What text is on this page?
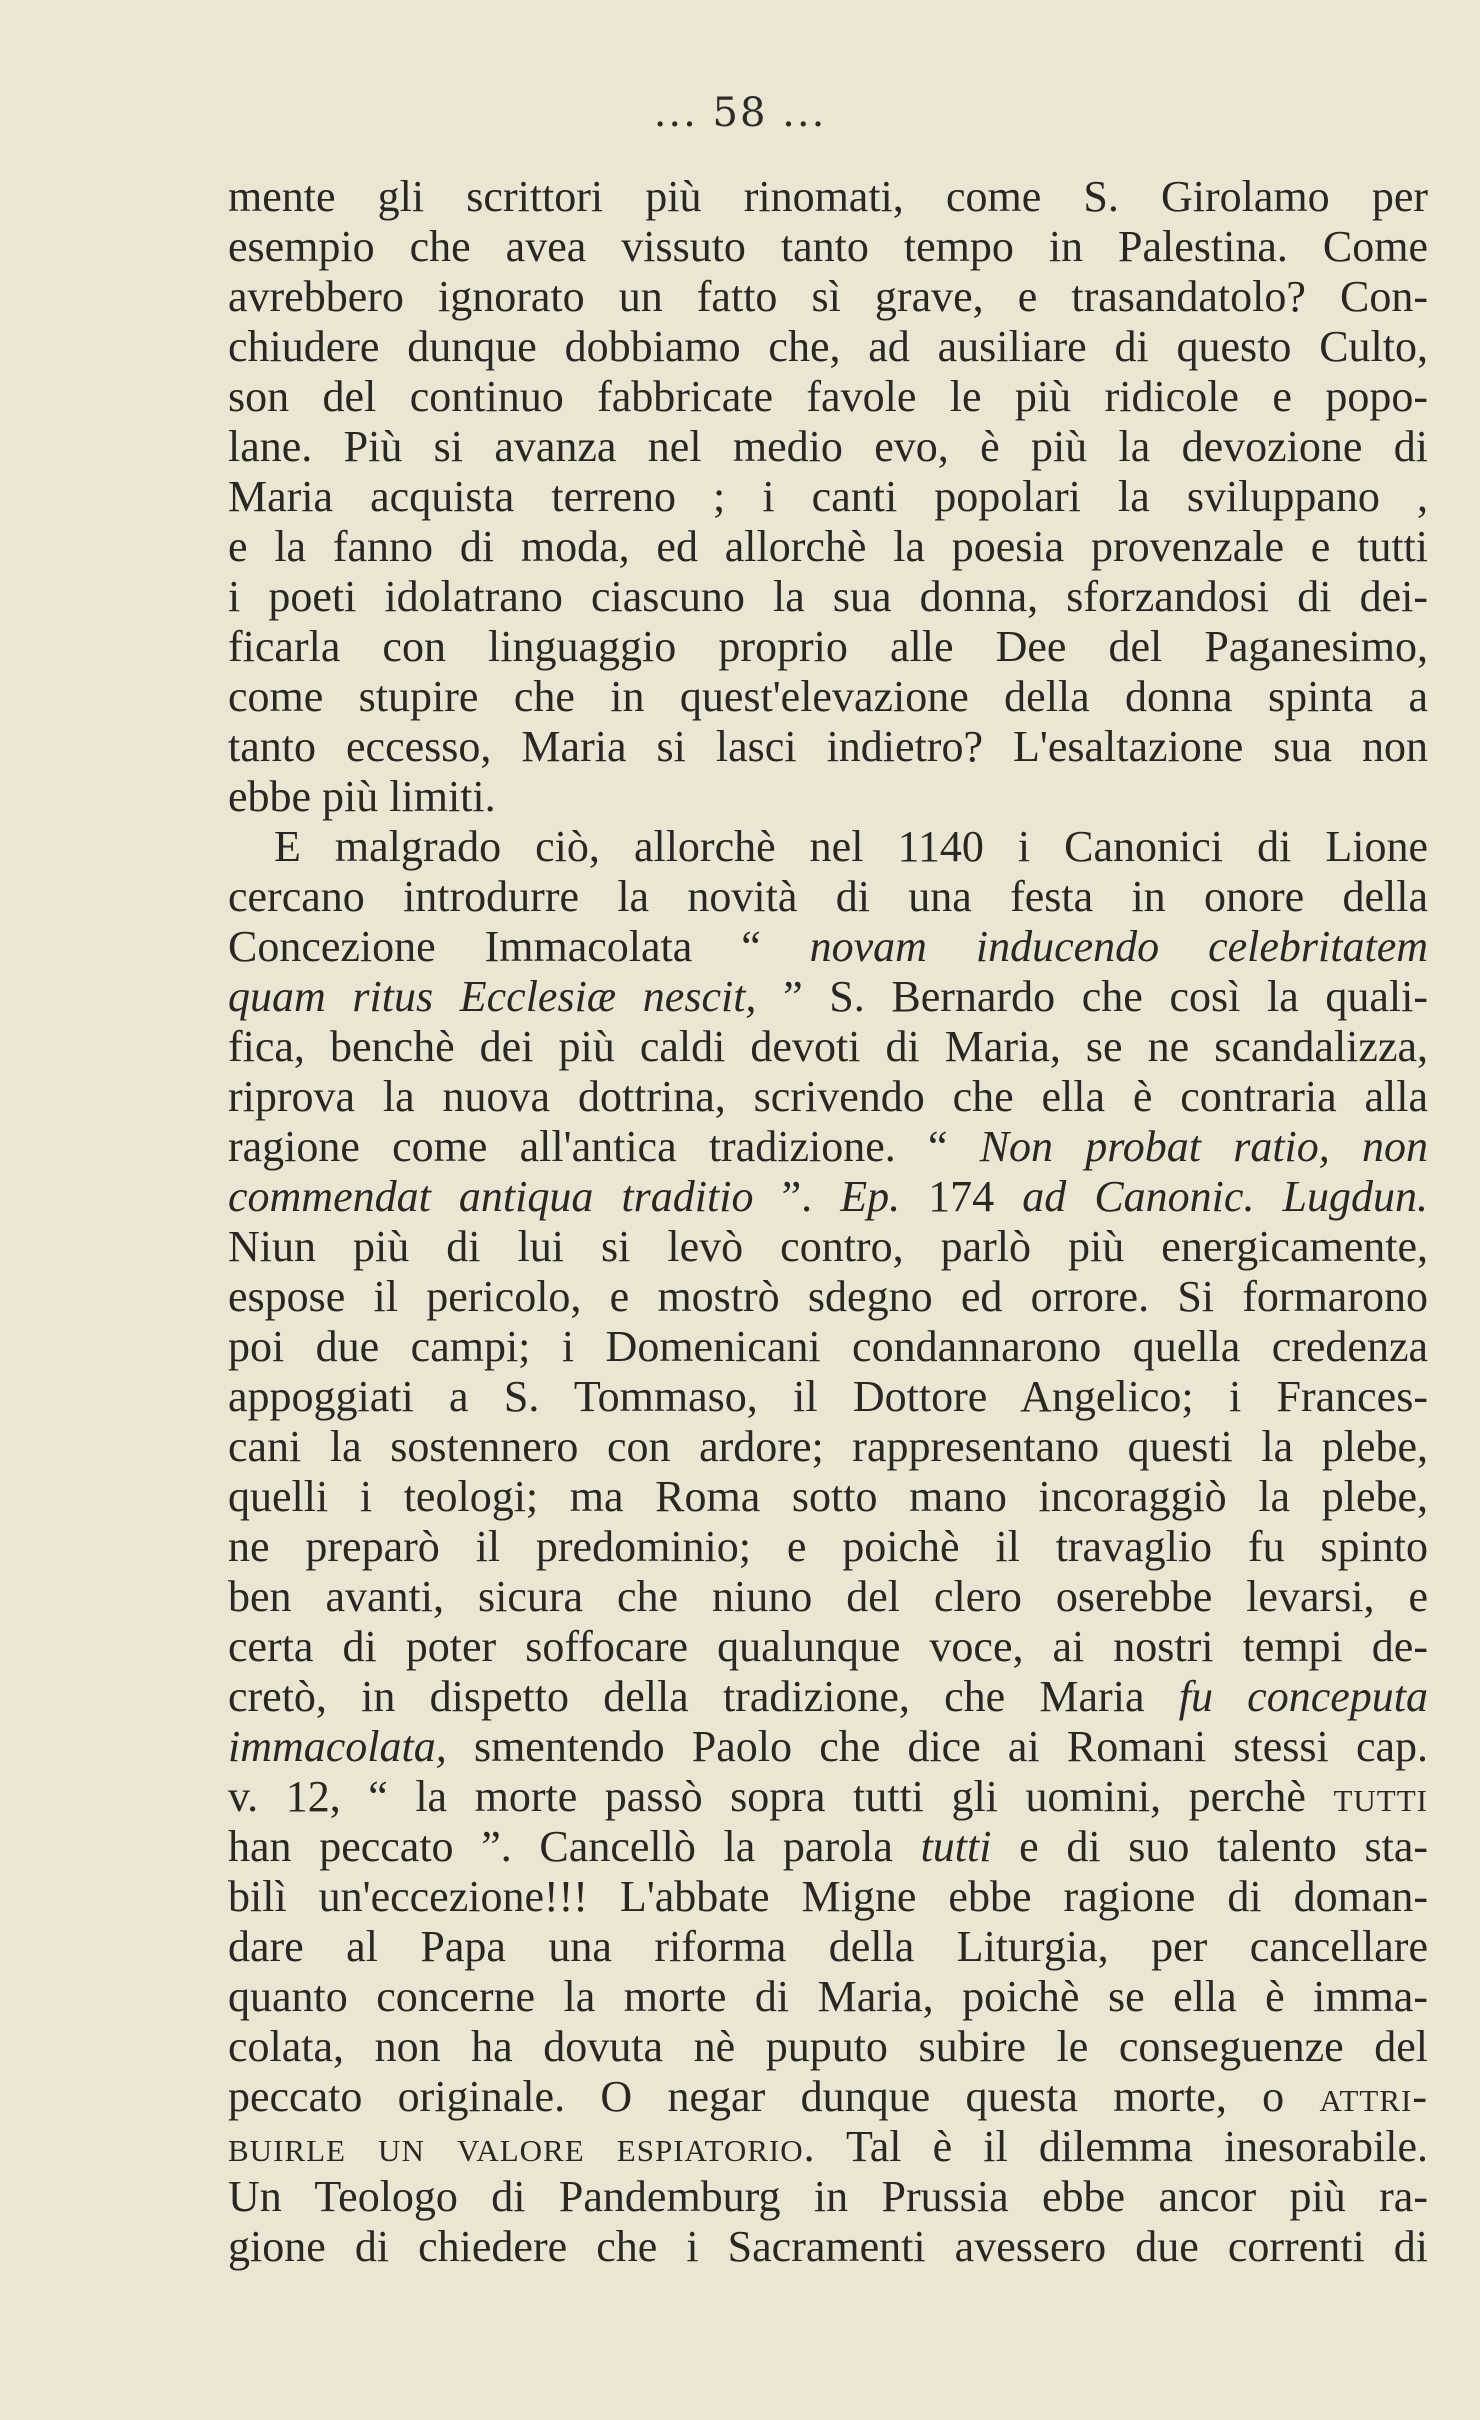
... 58 ...
mente gli scrittori più rinomati, come S. Girolamo per
esempio che avea vissuto tanto tempo in Palestina. Come
avrebbero ignorato un fatto sì grave, e trasandatolo? Con-
chiudere dunque dobbiamo che, ad ausiliare di questo Culto,
son del continuo fabbricate favole le più ridicole e popo-
lane. Più si avanza nel medio evo, è più la devozione di
Maria acquista terreno ; i canti popolari la sviluppano ,
e la fanno di moda, ed allorchè la poesia provenzale e tutti
i poeti idolatrano ciascuno la sua donna, sforzandosi di dei-
ficarla con linguaggio proprio alle Dee del Paganesimo,
come stupire che in quest'elevazione della donna spinta a
tanto eccesso, Maria si lasci indietro? L'esaltazione sua non
ebbe più limiti.
E malgrado ciò, allorchè nel 1140 i Canonici di Lione
cercano introdurre la novità di una festa in onore della
Concezione Immacolata “ novam inducendo celebritatem
quam ritus Ecclesiæ nescit, ” S. Bernardo che così la quali-
fica, benchè dei più caldi devoti di Maria, se ne scandalizza,
riprova la nuova dottrina, scrivendo che ella è contraria alla
ragione come all'antica tradizione. “ Non probat ratio, non
commendat antiqua traditio ”. Ep. 174 ad Canonic. Lugdun.
Niun più di lui si levò contro, parlò più energicamente,
espose il pericolo, e mostrò sdegno ed orrore. Si formarono
poi due campi; i Domenicani condannarono quella credenza
appoggiati a S. Tommaso, il Dottore Angelico; i Frances-
cani la sostennero con ardore; rappresentano questi la plebe,
quelli i teologi; ma Roma sotto mano incoraggiò la plebe,
ne preparò il predominio; e poichè il travaglio fu spinto
ben avanti, sicura che niuno del clero oserebbe levarsi, e
certa di poter soffocare qualunque voce, ai nostri tempi de-
cretò, in dispetto della tradizione, che Maria fu conceputa
immacolata, smentendo Paolo che dice ai Romani stessi cap.
v. 12, “ la morte passò sopra tutti gli uomini, perchè tutti
han peccato ”. Cancellò la parola tutti e di suo talento sta-
bilì un'eccezione!!! L'abbate Migne ebbe ragione di doman-
dare al Papa una riforma della Liturgia, per cancellare
quanto concerne la morte di Maria, poichè se ella è imma-
colata, non ha dovuta nè puputo subire le conseguenze del
peccato originale. O negar dunque questa morte, o attri-
buirle un valore espiatorio. Tal è il dilemma inesorabile.
Un Teologo di Pandemburg in Prussia ebbe ancor più ra-
gione di chiedere che i Sacramenti avessero due correnti di
